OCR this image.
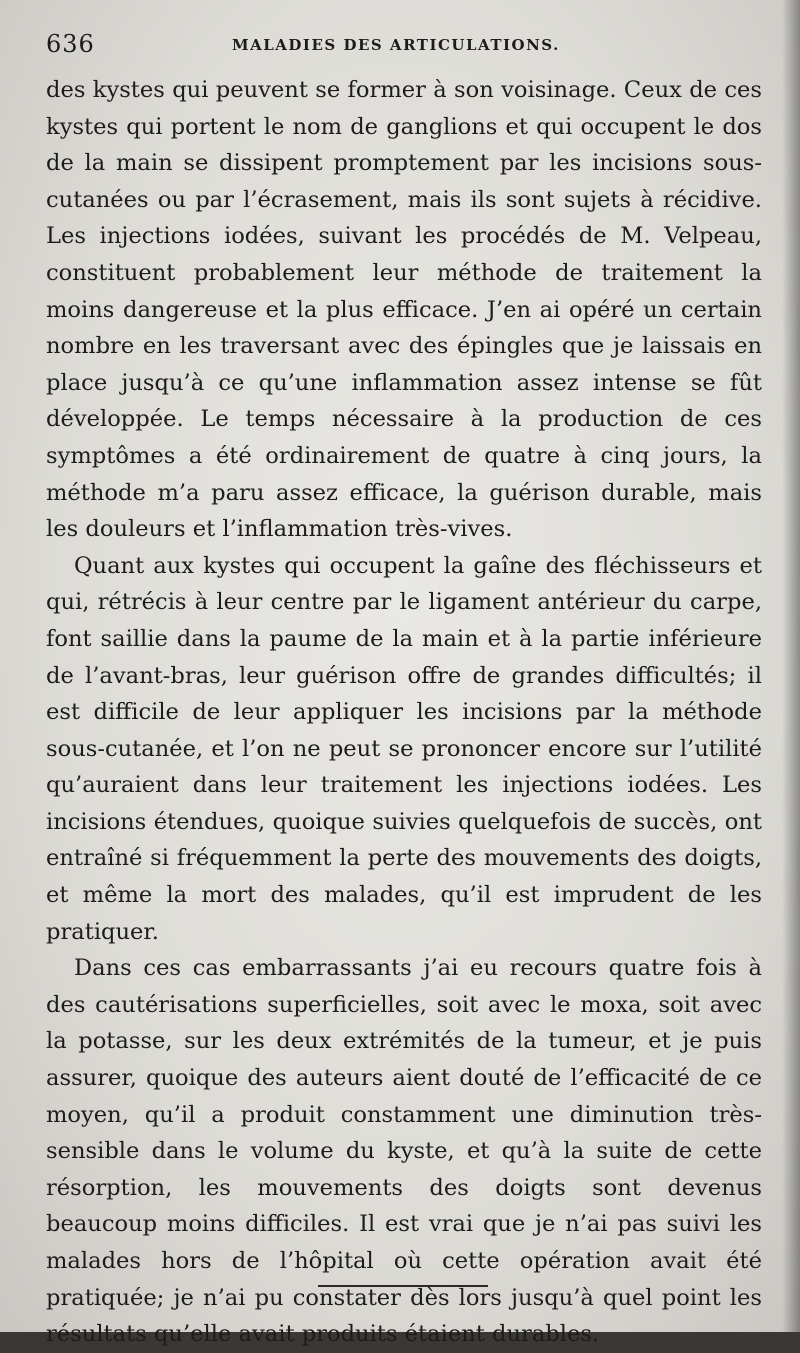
636	MALADIES DES ARTICULATIONS.

des kystes qui peuvent se former à son voisinage. Ceux de ces kystes qui portent le nom de ganglions et qui occupent le dos de la main se dissipent promptement par les incisions sous-cutanées ou par l’écrasement, mais ils sont sujets à récidive. Les injections iodées, suivant les procédés de M. Velpeau, constituent probablement leur méthode de traitement la moins dangereuse et la plus efficace. J’en ai opéré un certain nombre en les traversant avec des épingles que je laissais en place jusqu’à ce qu’une inflammation assez intense se fût développée. Le temps nécessaire à la production de ces symptômes a été ordinairement de quatre à cinq jours, la méthode m’a paru assez efficace, la guérison durable, mais les douleurs et l’inflammation très-vives.

Quant aux kystes qui occupent la gaîne des fléchisseurs et qui, rétrécis à leur centre par le ligament antérieur du carpe, font saillie dans la paume de la main et à la partie inférieure de l’avant-bras, leur guérison offre de grandes difficultés; il est difficile de leur appliquer les incisions par la méthode sous-cutanée, et l’on ne peut se prononcer encore sur l’utilité qu’auraient dans leur traitement les injections iodées. Les incisions étendues, quoique suivies quelquefois de succès, ont entraîné si fréquemment la perte des mouvements des doigts, et même la mort des malades, qu’il est imprudent de les pratiquer.

Dans ces cas embarrassants j’ai eu recours quatre fois à des cautérisations superficielles, soit avec le moxa, soit avec la potasse, sur les deux extrémités de la tumeur, et je puis assurer, quoique des auteurs aient douté de l’efficacité de ce moyen, qu’il a produit constamment une diminution très-sensible dans le volume du kyste, et qu’à la suite de cette résorption, les mouvements des doigts sont devenus beaucoup moins difficiles. Il est vrai que je n’ai pas suivi les malades hors de l’hôpital où cette opération avait été pratiquée; je n’ai pu constater dès lors jusqu’à quel point les résultats qu’elle avait produits étaient durables.
